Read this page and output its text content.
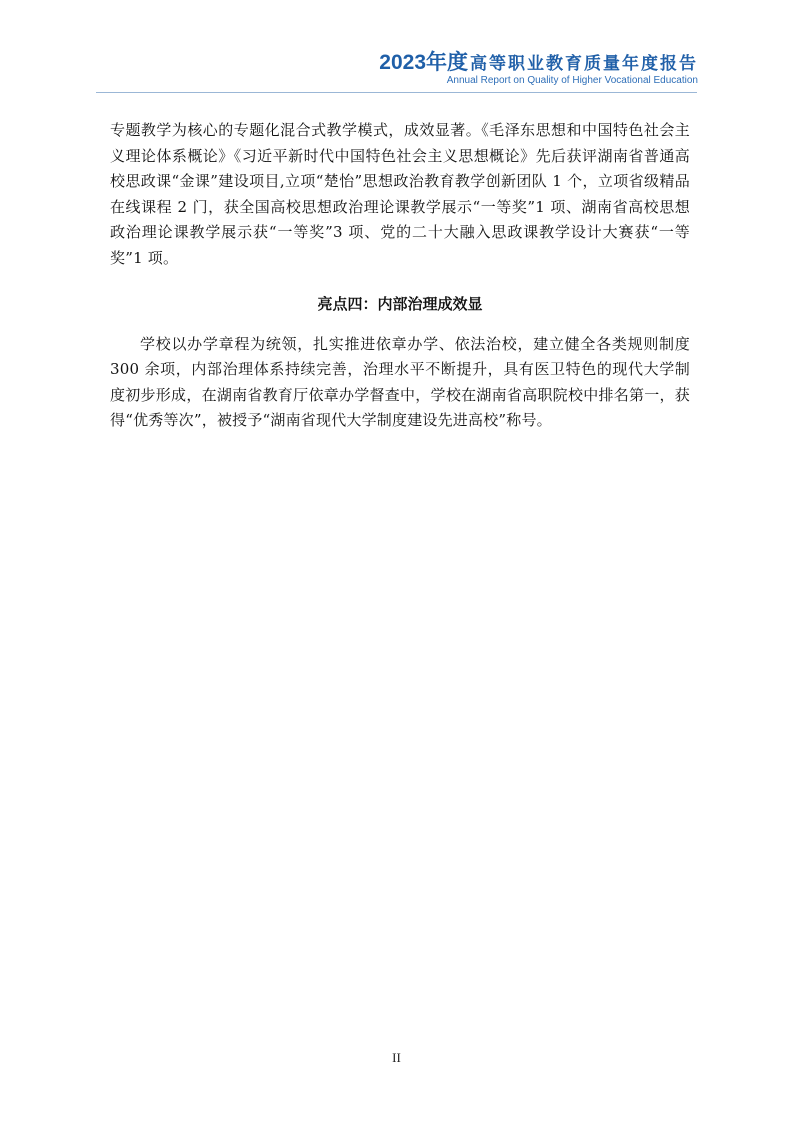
2023年度 高等职业教育质量年度报告
Annual Report on Quality of Higher Vocational Education

专题教学为核心的专题化混合式教学模式，成效显著。《毛泽东思想和中国特色社会主义理论体系概论》《习近平新时代中国特色社会主义思想概论》先后获评湖南省普通高校思政课“金课”建设项目,立项“楚怡”思想政治教育教学创新团队 1 个，立项省级精品在线课程 2 门，获全国高校思想政治理论课教学展示“一等奖”1 项、湖南省高校思想政治理论课教学展示获“一等奖”3 项、党的二十大融入思政课教学设计大赛获“一等奖”1 项。

亮点四：内部治理成效显

学校以办学章程为统领，扎实推进依章办学、依法治校，建立健全各类规则制度 300 余项，内部治理体系持续完善，治理水平不断提升，具有医卫特色的现代大学制度初步形成，在湖南省教育厅依章办学督查中，学校在湖南省高职院校中排名第一，获得“优秀等次”，被授予“湖南省现代大学制度建设先进高校”称号。

II
